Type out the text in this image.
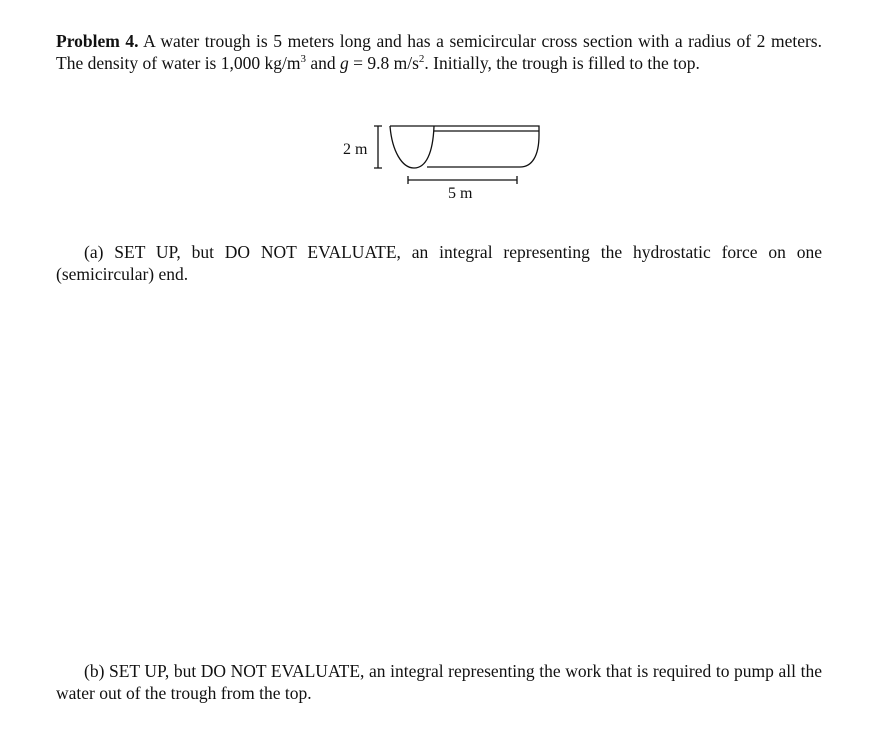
Problem 4. A water trough is 5 meters long and has a semicircular cross section with a radius of 2 meters. The density of water is 1,000 $kg/m^3$ and g = 9.8 $m/s^2$. Initially, the trough is filled to the top.

2 m
5 m

(a) SET UP, but DO NOT EVALUATE, an integral representing the hydrostatic force on one (semicircular) end.

(b) SET UP, but DO NOT EVALUATE, an integral representing the work that is required to pump all the water out of the trough from the top.
